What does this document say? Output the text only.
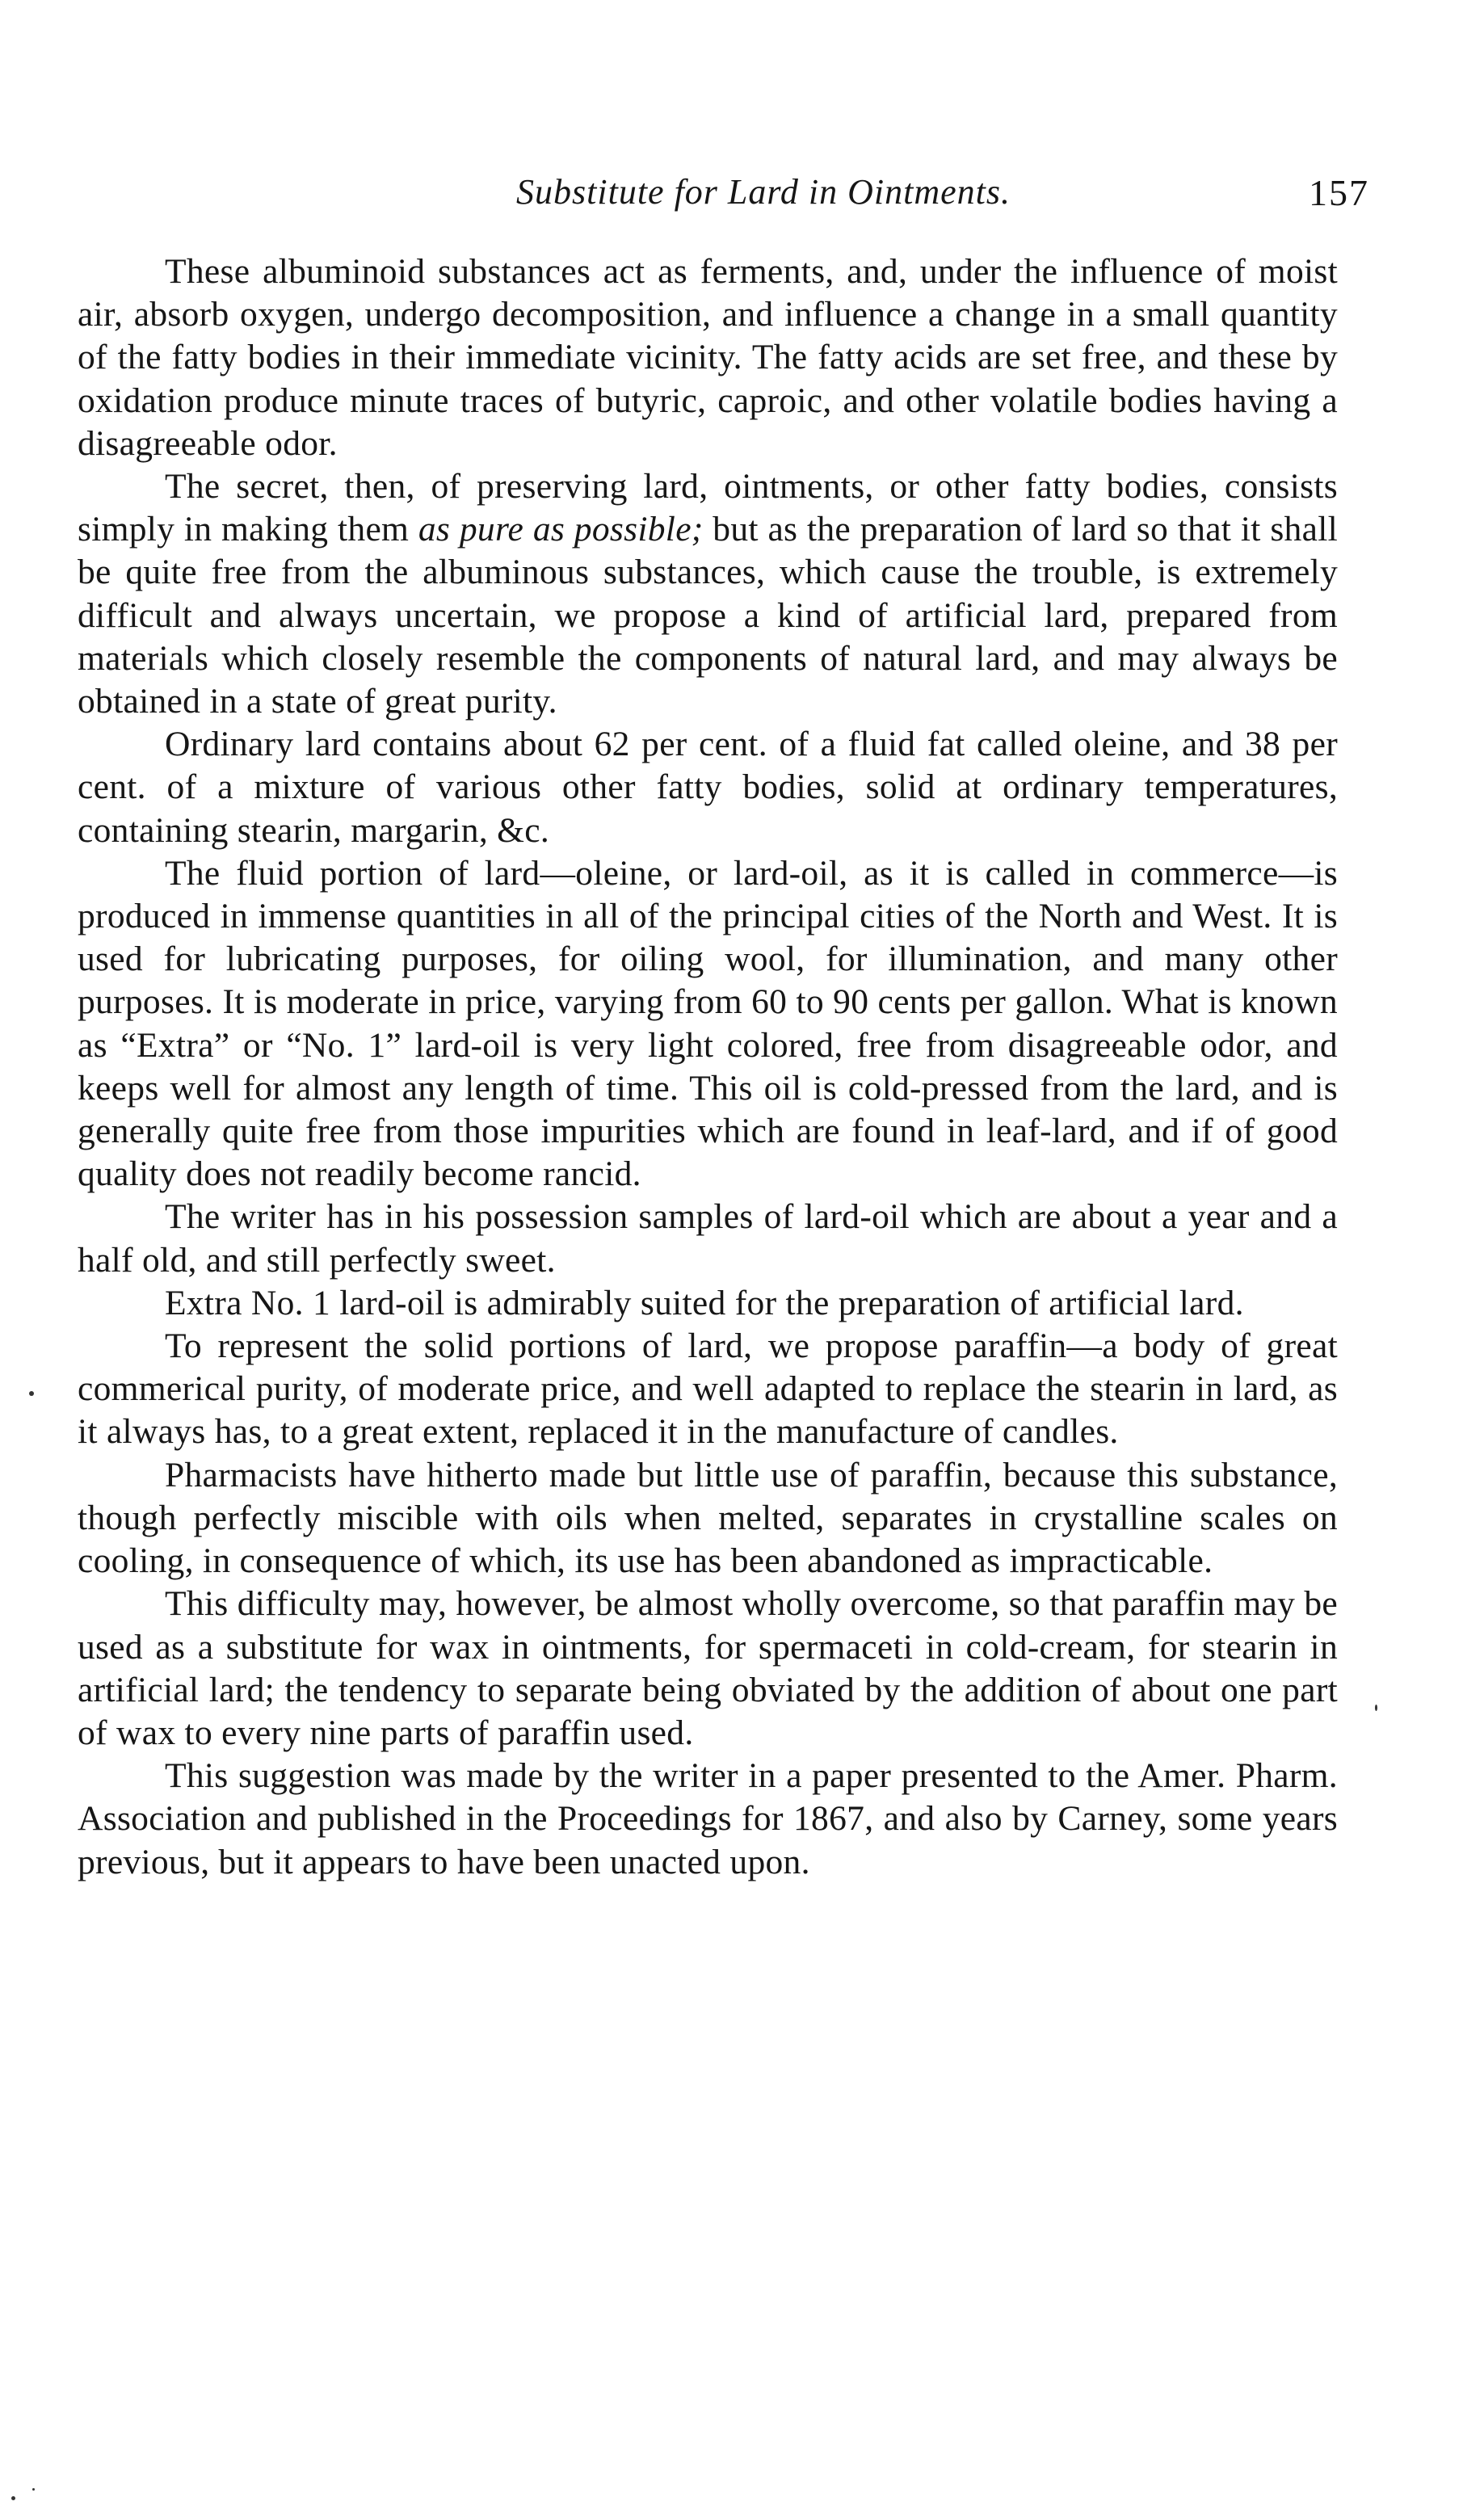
Substitute for Lard in Ointments.	157

These albuminoid substances act as ferments, and, under the influence of moist air, absorb oxygen, undergo decomposition, and influence a change in a small quantity of the fatty bodies in their immediate vicinity. The fatty acids are set free, and these by oxidation produce minute traces of butyric, caproic, and other volatile bodies having a disagreeable odor.

The secret, then, of preserving lard, ointments, or other fatty bodies, consists simply in making them as pure as possible; but as the preparation of lard so that it shall be quite free from the albuminous substances, which cause the trouble, is extremely difficult and always uncertain, we propose a kind of artificial lard, prepared from materials which closely resemble the components of natural lard, and may always be obtained in a state of great purity.

Ordinary lard contains about 62 per cent. of a fluid fat called oleine, and 38 per cent. of a mixture of various other fatty bodies, solid at ordinary temperatures, containing stearin, margarin, &c.

The fluid portion of lard—oleine, or lard-oil, as it is called in commerce—is produced in immense quantities in all of the principal cities of the North and West. It is used for lubricating purposes, for oiling wool, for illumination, and many other purposes. It is moderate in price, varying from 60 to 90 cents per gallon. What is known as “Extra” or “No. 1” lard-oil is very light colored, free from disagreeable odor, and keeps well for almost any length of time. This oil is cold-pressed from the lard, and is generally quite free from those impurities which are found in leaf-lard, and if of good quality does not readily become rancid.

The writer has in his possession samples of lard-oil which are about a year and a half old, and still perfectly sweet.

Extra No. 1 lard-oil is admirably suited for the preparation of artificial lard.

To represent the solid portions of lard, we propose paraffin—a body of great commerical purity, of moderate price, and well adapted to replace the stearin in lard, as it always has, to a great extent, replaced it in the manufacture of candles.

Pharmacists have hitherto made but little use of paraffin, because this substance, though perfectly miscible with oils when melted, separates in crystalline scales on cooling, in consequence of which, its use has been abandoned as impracticable.

This difficulty may, however, be almost wholly overcome, so that paraffin may be used as a substitute for wax in ointments, for spermaceti in cold-cream, for stearin in artificial lard; the tendency to separate being obviated by the addition of about one part of wax to every nine parts of paraffin used.

This suggestion was made by the writer in a paper presented to the Amer. Pharm. Association and published in the Proceedings for 1867, and also by Carney, some years previous, but it appears to have been unacted upon.
